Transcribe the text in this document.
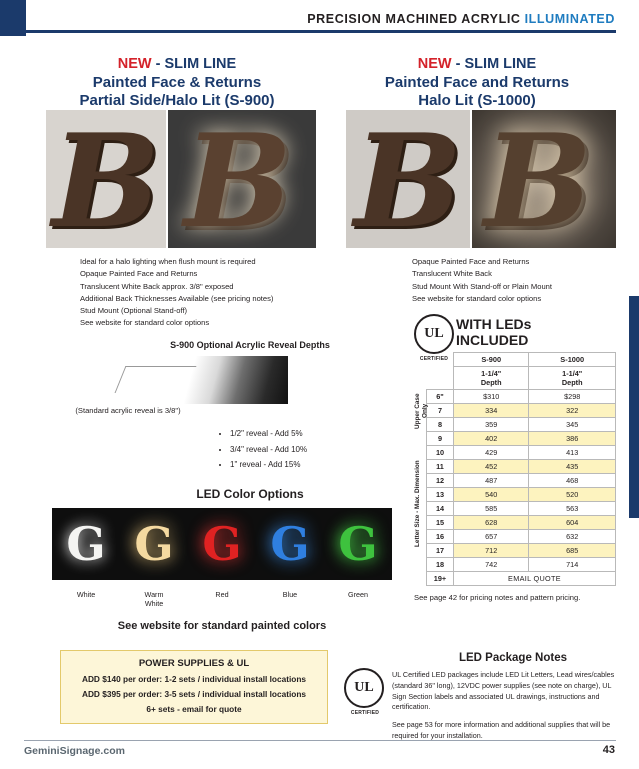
PRECISION MACHINED ACRYLIC ILLUMINATED
NEW - SLIM LINE
Painted Face & Returns
Partial Side/Halo Lit (S-900)
NEW - SLIM LINE
Painted Face and Returns
Halo Lit (S-1000)
B B B B
Ideal for a halo lighting when flush mount is required
Opaque Painted Face and Returns
Translucent White Back approx. 3/8" exposed
Additional Back Thicknesses Available (see pricing notes)
Stud Mount (Optional Stand-off)
See website for standard color options
Opaque Painted Face and Returns
Translucent White Back
Stud Mount With Stand-off or Plain Mount
See website for standard color options
S-900 Optional Acrylic Reveal Depths
(Standard acrylic reveal is 3/8")
• 1/2" reveal - Add 5%
• 3/4" reveal - Add 10%
• 1" reveal - Add 15%
LED Color Options
G G G G G
White	Warm
White
Red	Blue	Green
See website for standard painted colors
UL
CERTIFIED
WITH LEDs
INCLUDED
Upper Case Only
Letter Size - Max. Dimension
	S-900	S-1000
	1-1/4"
Depth	1-1/4"
Depth
6"	$310	$298
7	334	322
8	359	345
9	402	386
10	429	413
11	452	435
12	487	468
13	540	520
14	585	563
15	628	604
16	657	632
17	712	685
18	742	714
19+	EMAIL QUOTE	
See page 42 for pricing notes and pattern pricing.
POWER SUPPLIES & UL
ADD $140 per order: 1-2 sets / individual install locations
ADD $395 per order: 3-5 sets / individual install locations
6+ sets - email for quote
LED Package Notes
UL
CERTIFIED

UL Certified LED packages include LED Lit Letters, Lead wires/cables (standard 36" long), 12VDC power supplies (see note on charge), UL Sign Section labels and associated UL drawings, instructions and certification.

See page 53 for more information and additional supplies that will be required for your installation.

GeminiSignage.com	43
